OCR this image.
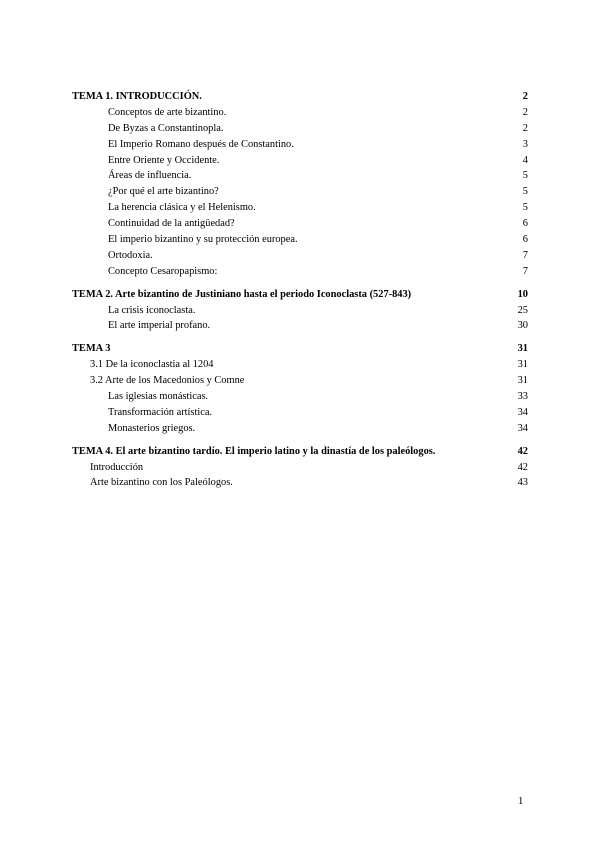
TEMA 1. INTRODUCCIÓN.	2
Conceptos de arte bizantino.	2
De Byzas a Constantinopla.	2
El Imperio Romano después de Constantino.	3
Entre Oriente y Occidente.	4
Áreas de influencia.	5
¿Por qué el arte bizantino?	5
La herencia clásica y el Helenismo.	5
Continuidad de la antigüedad?	6
El imperio bizantino y su protección europea.	6
Ortodoxia.	7
Concepto Cesaropapismo:	7
TEMA 2. Arte bizantino de Justiniano hasta el periodo Iconoclasta (527-843)	10
La crisis iconoclasta.	25
El arte imperial profano.	30
TEMA 3	31
3.1 De la iconoclastia al 1204	31
3.2 Arte de los Macedonios y Comne	31
Las iglesias monásticas.	33
Transformación artística.	34
Monasterios griegos.	34
TEMA 4. El arte bizantino tardío. El imperio latino y la dinastía de los paleólogos.	42
Introducción	42
Arte bizantino con los Paleólogos.	43
1
